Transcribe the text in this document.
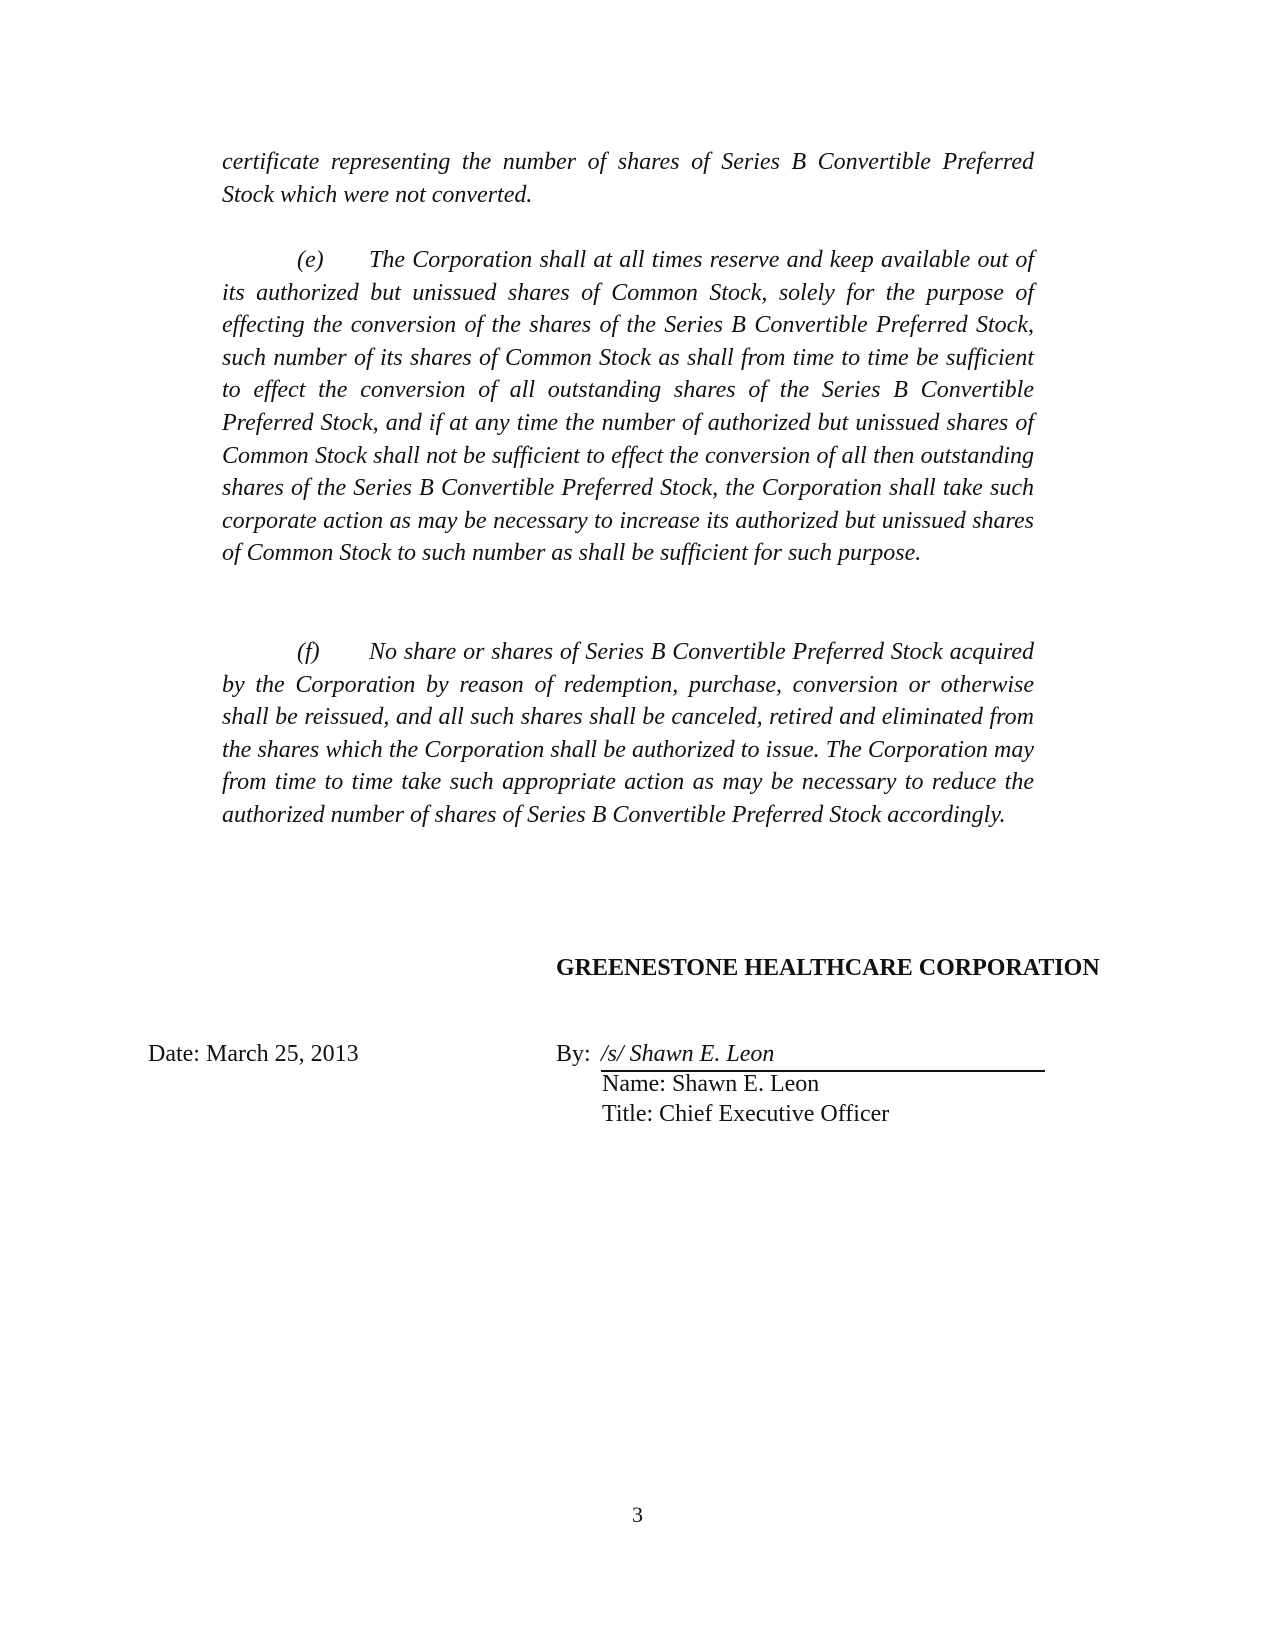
certificate representing the number of shares of Series B Convertible Preferred Stock which were not converted.

(e) The Corporation shall at all times reserve and keep available out of its authorized but unissued shares of Common Stock, solely for the purpose of effecting the conversion of the shares of the Series B Convertible Preferred Stock, such number of its shares of Common Stock as shall from time to time be sufficient to effect the conversion of all outstanding shares of the Series B Convertible Preferred Stock, and if at any time the number of authorized but unissued shares of Common Stock shall not be sufficient to effect the conversion of all then outstanding shares of the Series B Convertible Preferred Stock, the Corporation shall take such corporate action as may be necessary to increase its authorized but unissued shares of Common Stock to such number as shall be sufficient for such purpose.

(f) No share or shares of Series B Convertible Preferred Stock acquired by the Corporation by reason of redemption, purchase, conversion or otherwise shall be reissued, and all such shares shall be canceled, retired and eliminated from the shares which the Corporation shall be authorized to issue. The Corporation may from time to time take such appropriate action as may be necessary to reduce the authorized number of shares of Series B Convertible Preferred Stock accordingly.

GREENESTONE HEALTHCARE CORPORATION
Date: March 25, 2013	By: /s/ Shawn E. Leon
Name: Shawn E. Leon
Title: Chief Executive Officer
3
